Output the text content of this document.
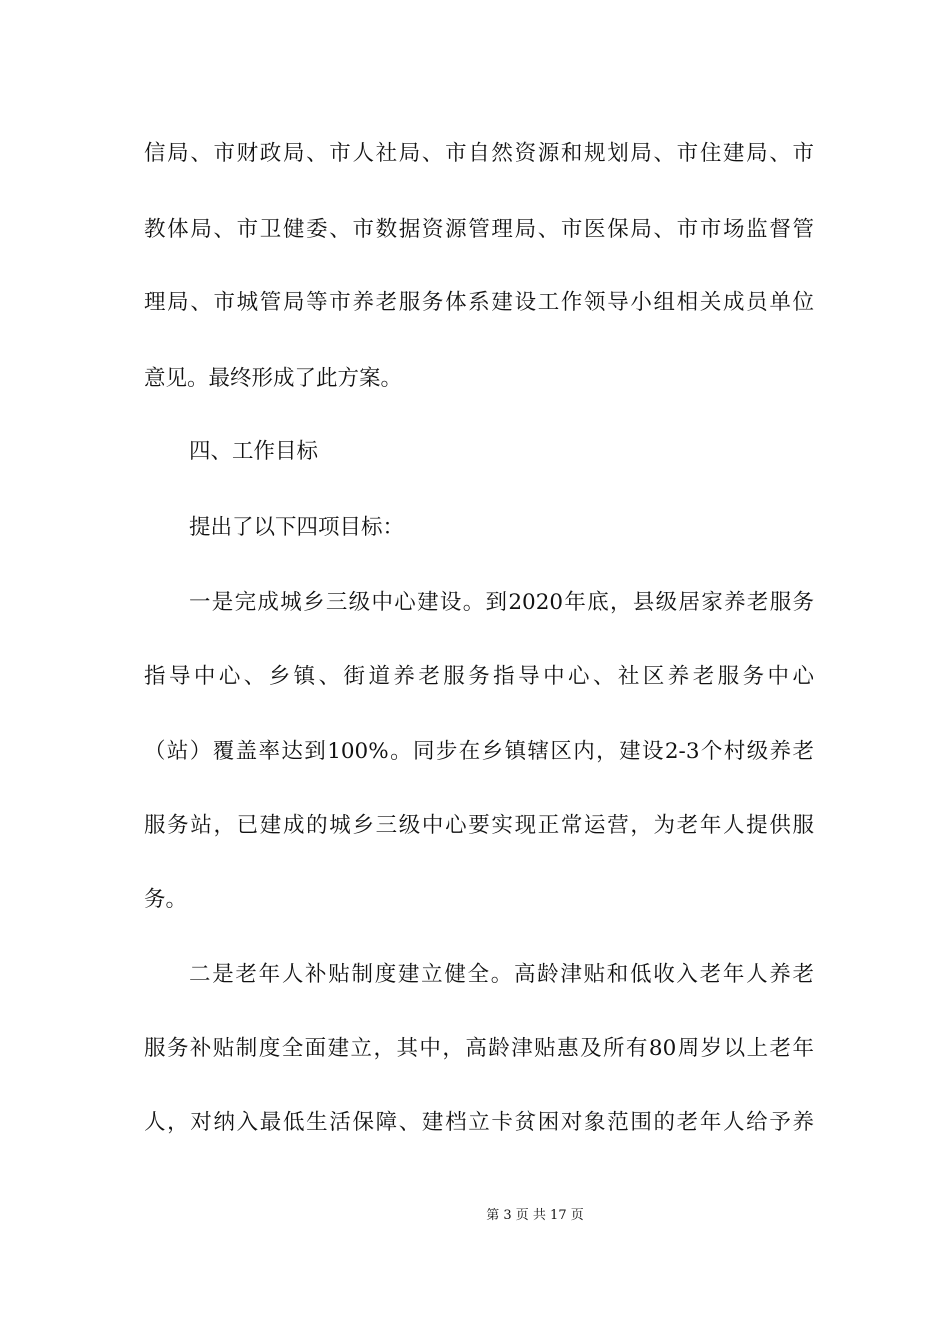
信局、市财政局、市人社局、市自然资源和规划局、市住建局、市
教体局、市卫健委、市数据资源管理局、市医保局、市市场监督管
理局、市城管局等市养老服务体系建设工作领导小组相关成员单位
意见。最终形成了此方案。
四、工作目标
提出了以下四项目标：
一是完成城乡三级中心建设。到2020年底，县级居家养老服务
指导中心、乡镇、街道养老服务指导中心、社区养老服务中心
（站）覆盖率达到100%。同步在乡镇辖区内，建设2-3个村级养老
服务站，已建成的城乡三级中心要实现正常运营，为老年人提供服
务。
二是老年人补贴制度建立健全。高龄津贴和低收入老年人养老
服务补贴制度全面建立，其中，高龄津贴惠及所有80周岁以上老年
人，对纳入最低生活保障、建档立卡贫困对象范围的老年人给予养
第 3 页 共 17 页
